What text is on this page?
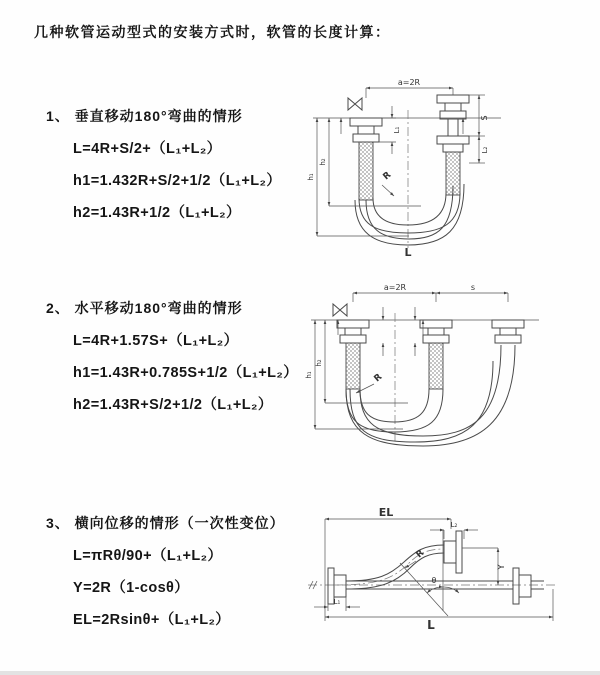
几种软管运动型式的安装方式时，软管的长度计算：
1、 垂直移动180°弯曲的情形
L=4R+S/2+（L₁+L₂）
h1=1.432R+S/2+1/2（L₁+L₂）
h2=1.43R+1/2（L₁+L₂）
2、 水平移动180°弯曲的情形
L=4R+1.57S+（L₁+L₂）
h1=1.43R+0.785S+1/2（L₁+L₂）
h2=1.43R+S/2+1/2（L₁+L₂）
3、 横向位移的情形（一次性变位）
L=πRθ/90+（L₁+L₂）
Y=2R（1-cosθ）
EL=2Rsinθ+（L₁+L₂）
a=2R
S
L₂
L₁
h₁
h₂
R
L
a=2R	s
h₁
h₂
R
EL
L₂
Y
R
θ
L
L₁
